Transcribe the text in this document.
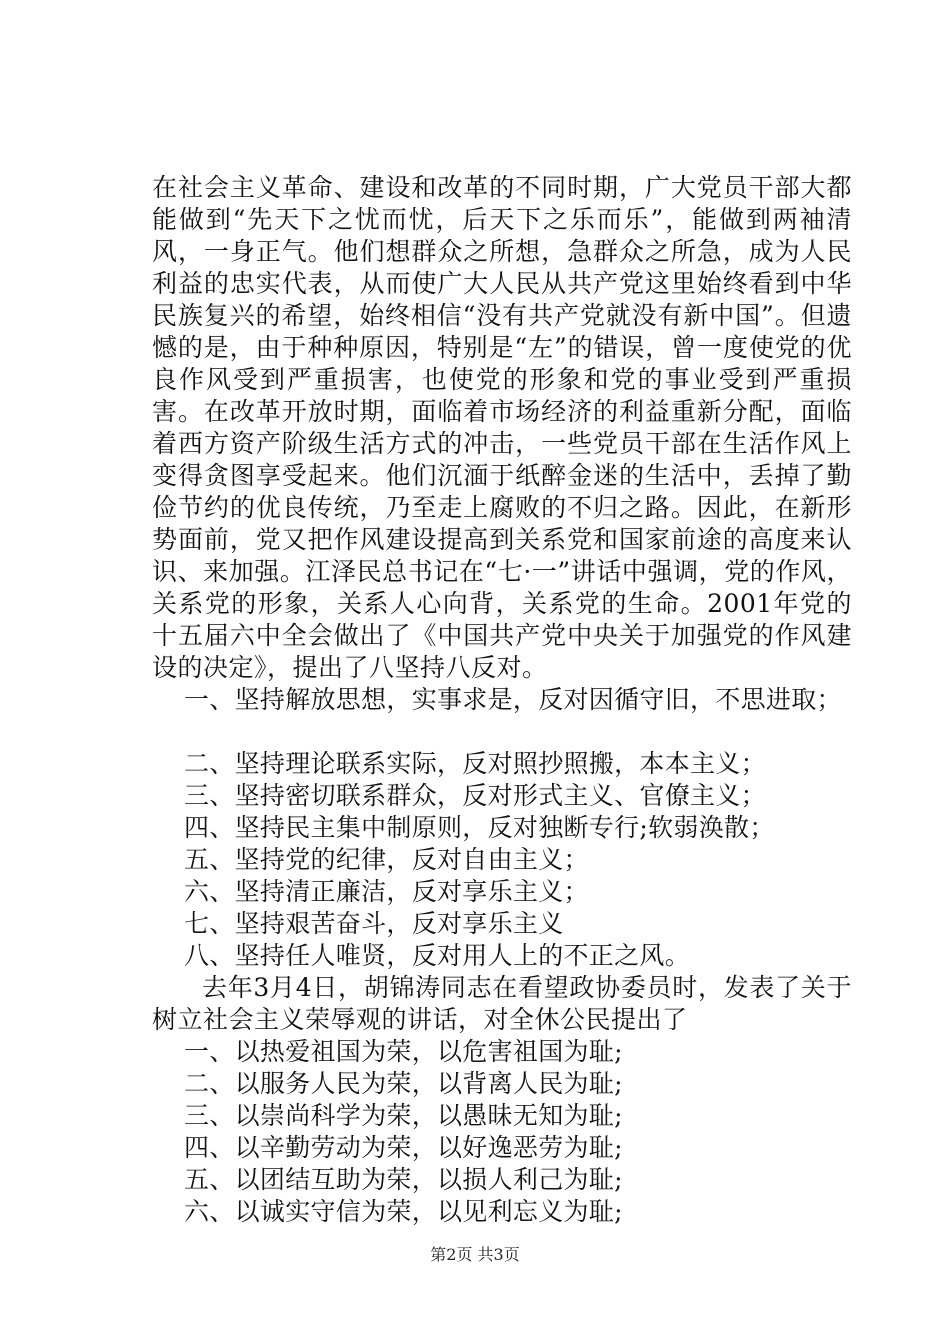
在社会主义革命、建设和改革的不同时期，广大党员干部大都能做到“先天下之忧而忧，后天下之乐而乐”，能做到两袖清风，一身正气。他们想群众之所想，急群众之所急，成为人民利益的忠实代表，从而使广大人民从共产党这里始终看到中华民族复兴的希望，始终相信“没有共产党就没有新中国”。但遗憾的是，由于种种原因，特别是“左”的错误，曾一度使党的优良作风受到严重损害，也使党的形象和党的事业受到严重损害。在改革开放时期，面临着市场经济的利益重新分配，面临着西方资产阶级生活方式的冲击，一些党员干部在生活作风上变得贪图享受起来。他们沉湎于纸醉金迷的生活中，丢掉了勤俭节约的优良传统，乃至走上腐败的不归之路。因此，在新形势面前，党又把作风建设提高到关系党和国家前途的高度来认识、来加强。江泽民总书记在“七·一”讲话中强调，党的作风，关系党的形象，关系人心向背，关系党的生命。2001年党的十五届六中全会做出了《中国共产党中央关于加强党的作风建设的决定》，提出了八坚持八反对。

一、坚持解放思想，实事求是，反对因循守旧，不思进取；

二、坚持理论联系实际，反对照抄照搬，本本主义；

三、坚持密切联系群众，反对形式主义、官僚主义；

四、坚持民主集中制原则，反对独断专行;软弱涣散；

五、坚持党的纪律，反对自由主义；

六、坚持清正廉洁，反对享乐主义；

七、坚持艰苦奋斗，反对享乐主义

八、坚持任人唯贤，反对用人上的不正之风。

去年3月4日，胡锦涛同志在看望政协委员时，发表了关于树立社会主义荣辱观的讲话，对全休公民提出了

一、以热爱祖国为荣，以危害祖国为耻;

二、以服务人民为荣，以背离人民为耻;

三、以崇尚科学为荣，以愚昧无知为耻;

四、以辛勤劳动为荣，以好逸恶劳为耻;

五、以团结互助为荣，以损人利己为耻;

六、以诚实守信为荣，以见利忘义为耻;

第2页 共3页
